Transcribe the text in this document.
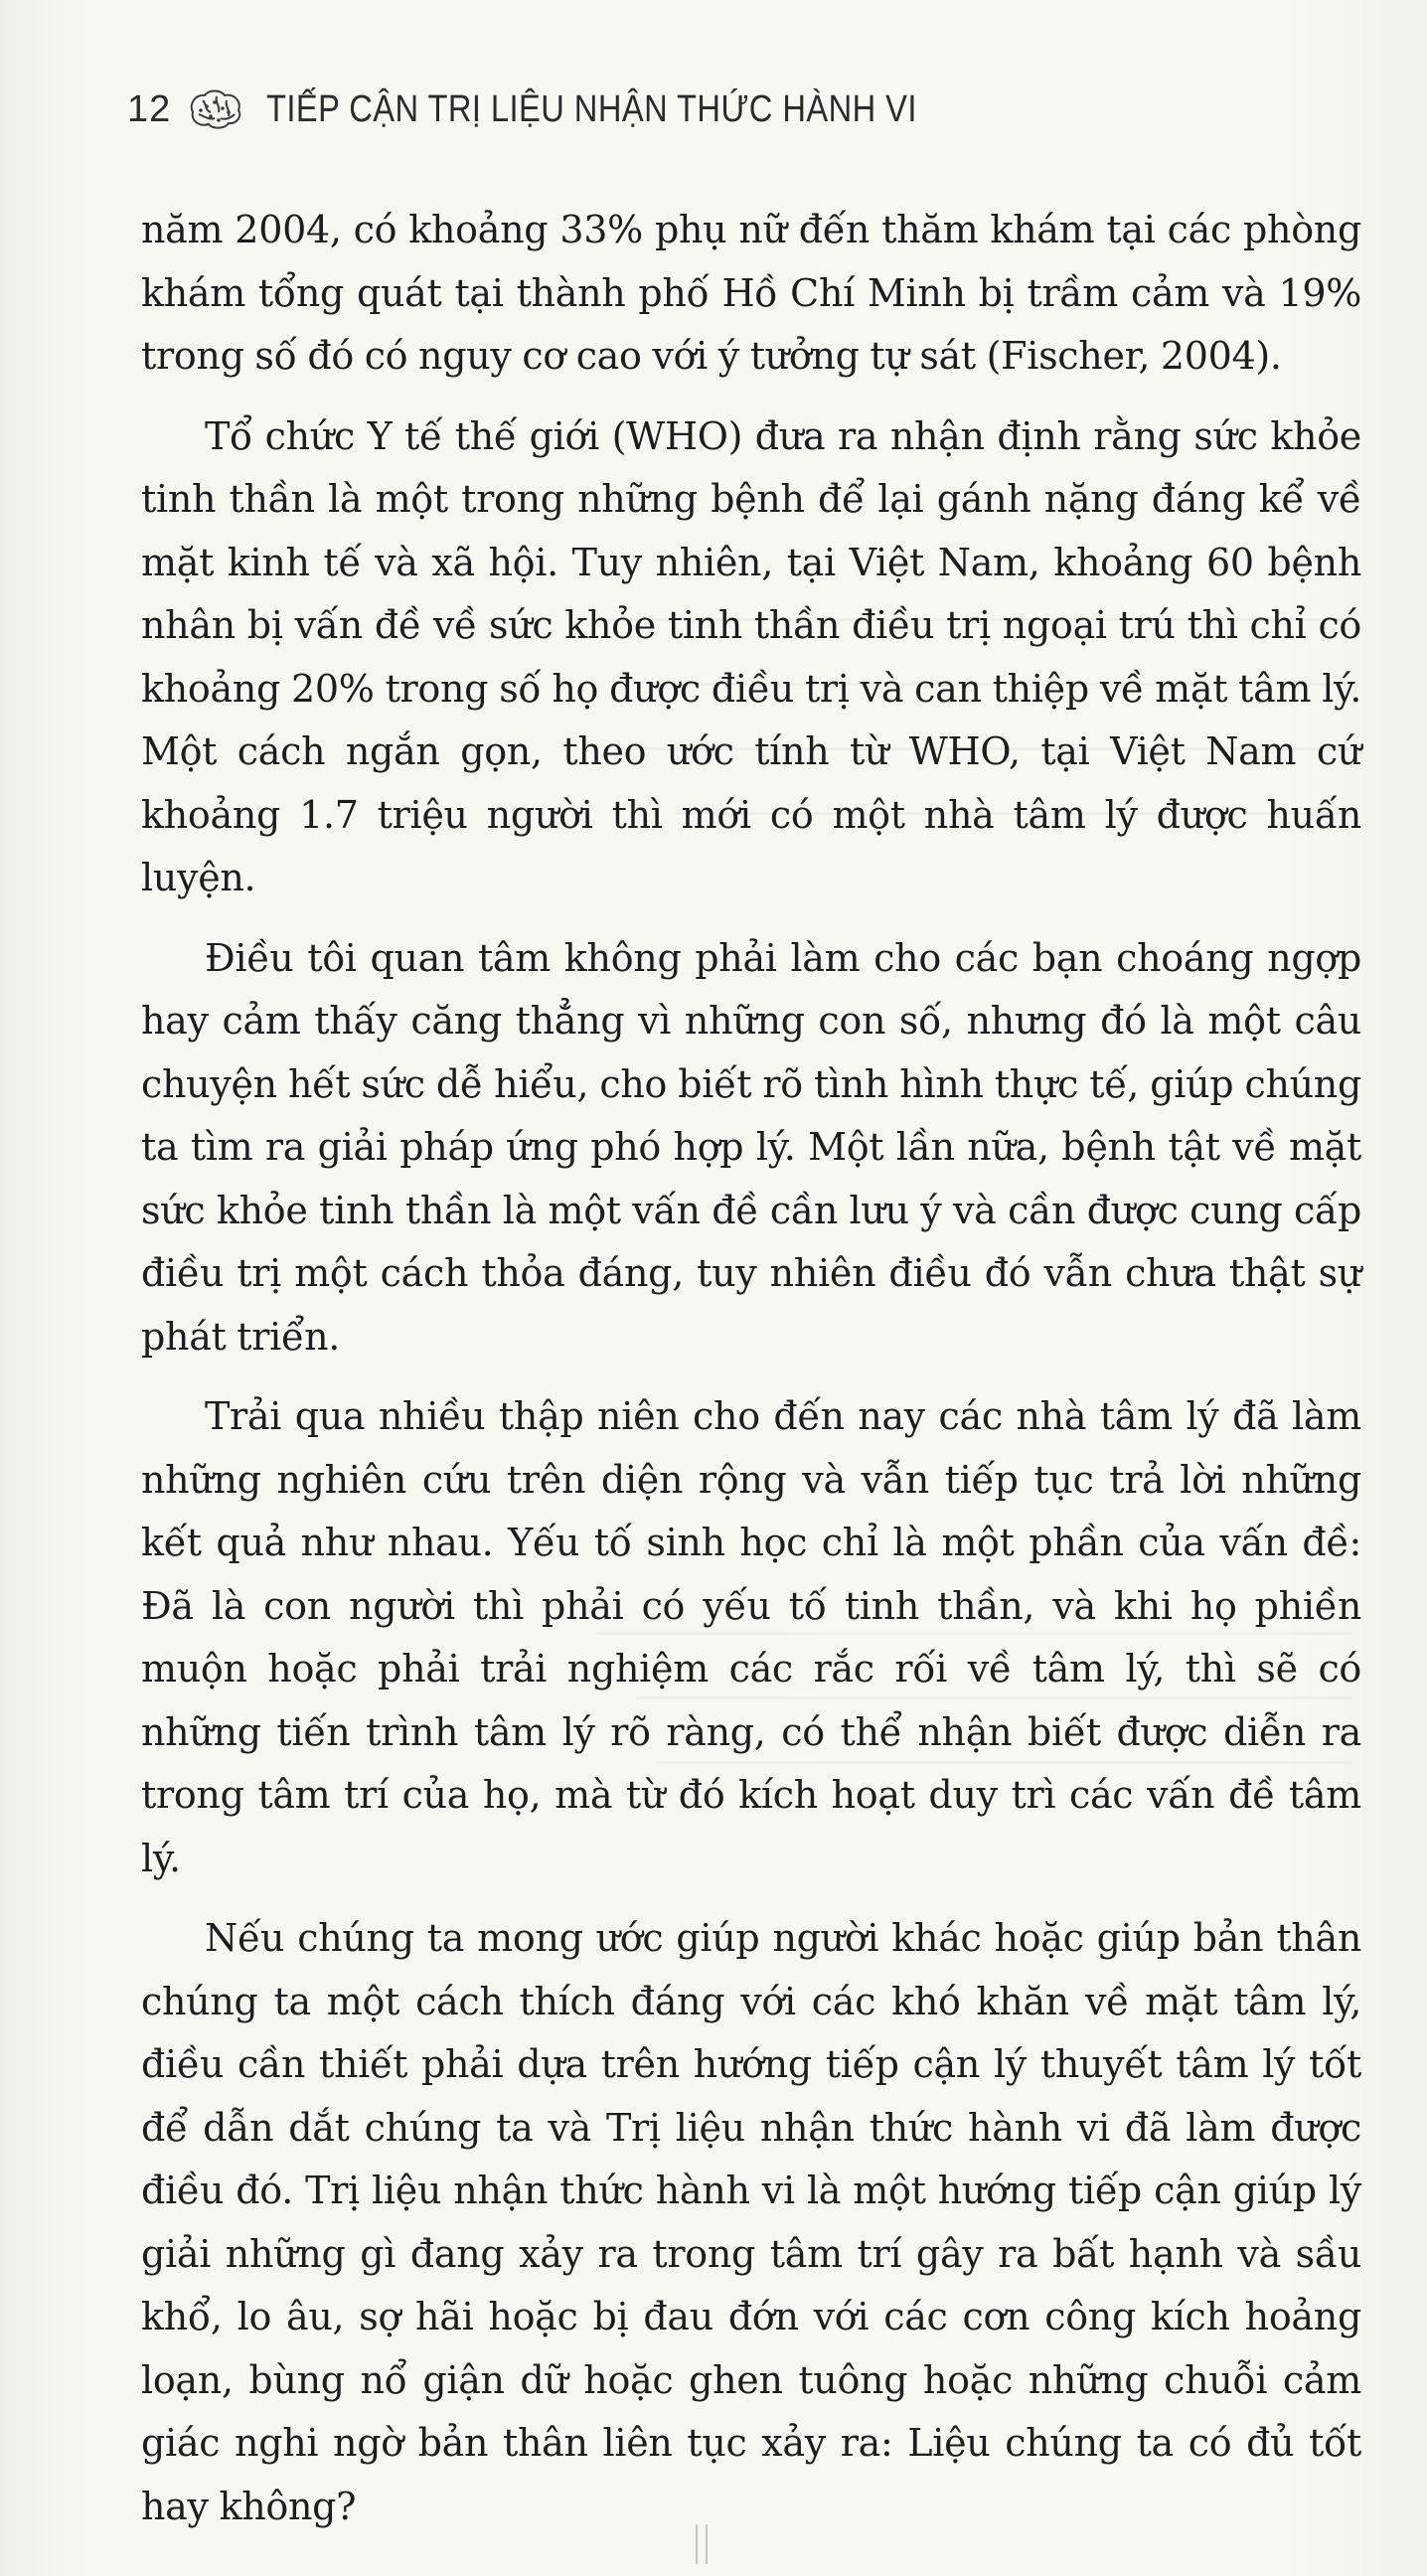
12	TIẾP CẬN TRỊ LIỆU NHẬN THỨC HÀNH VI

năm 2004, có khoảng 33% phụ nữ đến thăm khám tại các phòng khám tổng quát tại thành phố Hồ Chí Minh bị trầm cảm và 19% trong số đó có nguy cơ cao với ý tưởng tự sát (Fischer, 2004).

Tổ chức Y tế thế giới (WHO) đưa ra nhận định rằng sức khỏe tinh thần là một trong những bệnh để lại gánh nặng đáng kể về mặt kinh tế và xã hội. Tuy nhiên, tại Việt Nam, khoảng 60 bệnh nhân bị vấn đề về sức khỏe tinh thần điều trị ngoại trú thì chỉ có khoảng 20% trong số họ được điều trị và can thiệp về mặt tâm lý. Một cách ngắn gọn, theo ước tính từ WHO, tại Việt Nam cứ khoảng 1.7 triệu người thì mới có một nhà tâm lý được huấn luyện.

Điều tôi quan tâm không phải làm cho các bạn choáng ngợp hay cảm thấy căng thẳng vì những con số, nhưng đó là một câu chuyện hết sức dễ hiểu, cho biết rõ tình hình thực tế, giúp chúng ta tìm ra giải pháp ứng phó hợp lý. Một lần nữa, bệnh tật về mặt sức khỏe tinh thần là một vấn đề cần lưu ý và cần được cung cấp điều trị một cách thỏa đáng, tuy nhiên điều đó vẫn chưa thật sự phát triển.

Trải qua nhiều thập niên cho đến nay các nhà tâm lý đã làm những nghiên cứu trên diện rộng và vẫn tiếp tục trả lời những kết quả như nhau. Yếu tố sinh học chỉ là một phần của vấn đề: Đã là con người thì phải có yếu tố tinh thần, và khi họ phiền muộn hoặc phải trải nghiệm các rắc rối về tâm lý, thì sẽ có những tiến trình tâm lý rõ ràng, có thể nhận biết được diễn ra trong tâm trí của họ, mà từ đó kích hoạt duy trì các vấn đề tâm lý.

Nếu chúng ta mong ước giúp người khác hoặc giúp bản thân chúng ta một cách thích đáng với các khó khăn về mặt tâm lý, điều cần thiết phải dựa trên hướng tiếp cận lý thuyết tâm lý tốt để dẫn dắt chúng ta và Trị liệu nhận thức hành vi đã làm được điều đó. Trị liệu nhận thức hành vi là một hướng tiếp cận giúp lý giải những gì đang xảy ra trong tâm trí gây ra bất hạnh và sầu khổ, lo âu, sợ hãi hoặc bị đau đớn với các cơn công kích hoảng loạn, bùng nổ giận dữ hoặc ghen tuông hoặc những chuỗi cảm giác nghi ngờ bản thân liên tục xảy ra: Liệu chúng ta có đủ tốt hay không?
